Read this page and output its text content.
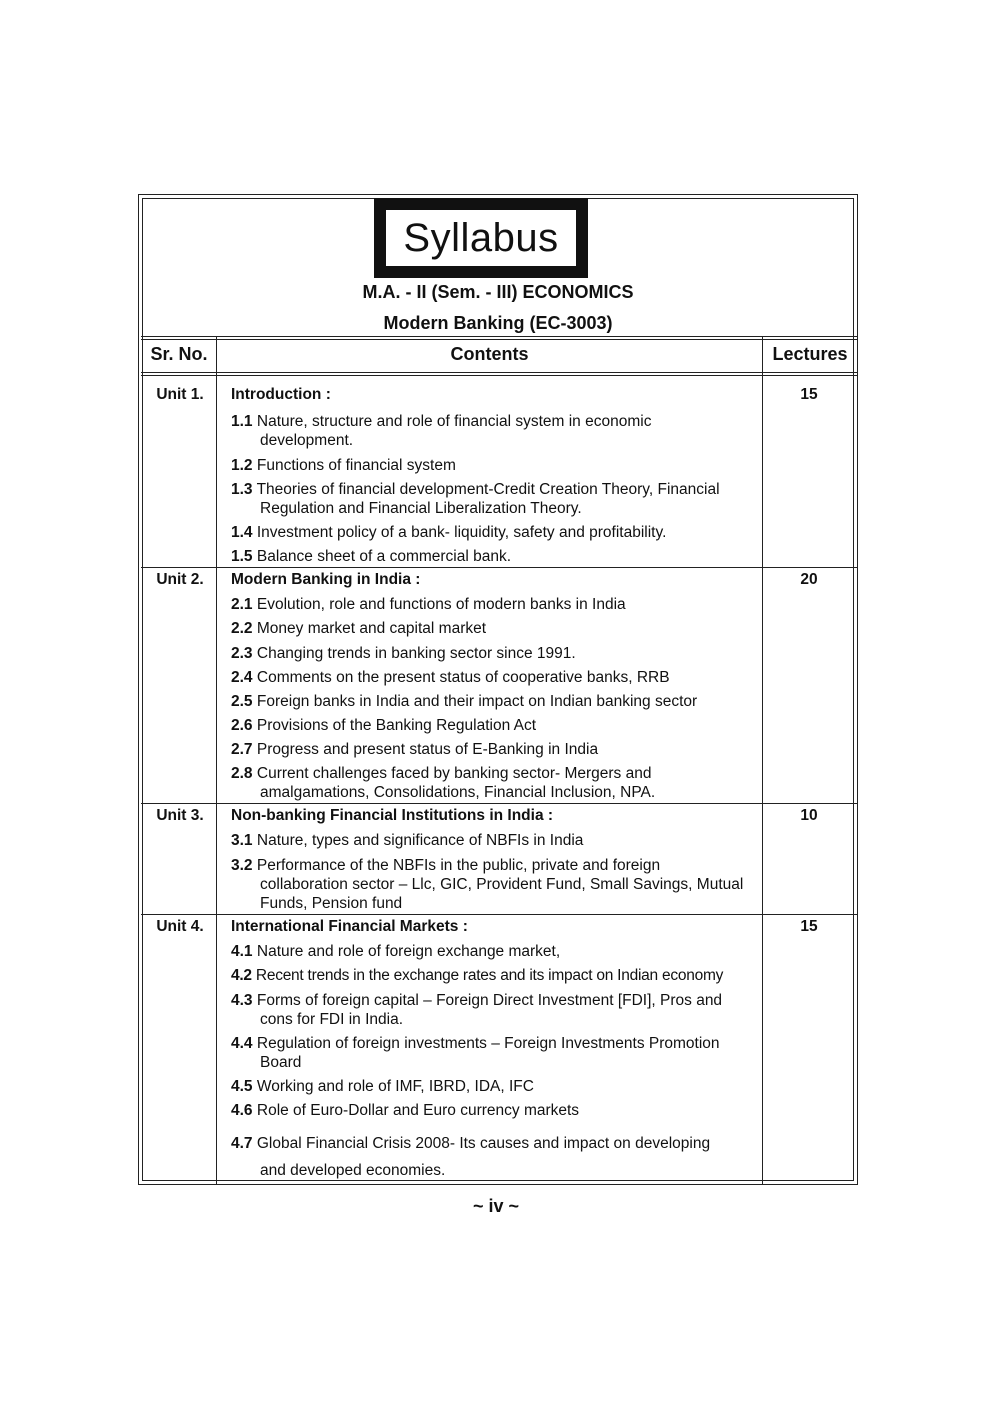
Syllabus
M.A. - II (Sem. - III) ECONOMICS
Modern Banking (EC-3003)
Sr. No.	Contents	Lectures
Unit 1.	Introduction :	15
1.1 Nature, structure and role of financial system in economic
development.
1.2 Functions of financial system
1.3 Theories of financial development-Credit Creation Theory, Financial
Regulation and Financial Liberalization Theory.
1.4 Investment policy of a bank- liquidity, safety and profitability.
1.5 Balance sheet of a commercial bank.
Unit 2.	Modern Banking in India :	20
2.1 Evolution, role and functions of modern banks in India
2.2 Money market and capital market
2.3 Changing trends in banking sector since 1991.
2.4 Comments on the present status of cooperative banks, RRB
2.5 Foreign banks in India and their impact on Indian banking sector
2.6 Provisions of the Banking Regulation Act
2.7 Progress and present status of E-Banking in India
2.8 Current challenges faced by banking sector- Mergers and
amalgamations, Consolidations, Financial Inclusion, NPA.
Unit 3.	Non-banking Financial Institutions in India :	10
3.1 Nature, types and significance of NBFIs in India
3.2 Performance of the NBFIs in the public, private and foreign
collaboration sector – Llc, GIC, Provident Fund, Small Savings, Mutual
Funds, Pension fund
Unit 4.	International Financial Markets :	15
4.1 Nature and role of foreign exchange market,
4.2 Recent trends in the exchange rates and its impact on Indian economy
4.3 Forms of foreign capital – Foreign Direct Investment [FDI], Pros and
cons for FDI in India.
4.4 Regulation of foreign investments – Foreign Investments Promotion
Board
4.5 Working and role of IMF, IBRD, IDA, IFC
4.6 Role of Euro-Dollar and Euro currency markets
4.7 Global Financial Crisis 2008- Its causes and impact on developing
and developed economies.
~ iv ~
